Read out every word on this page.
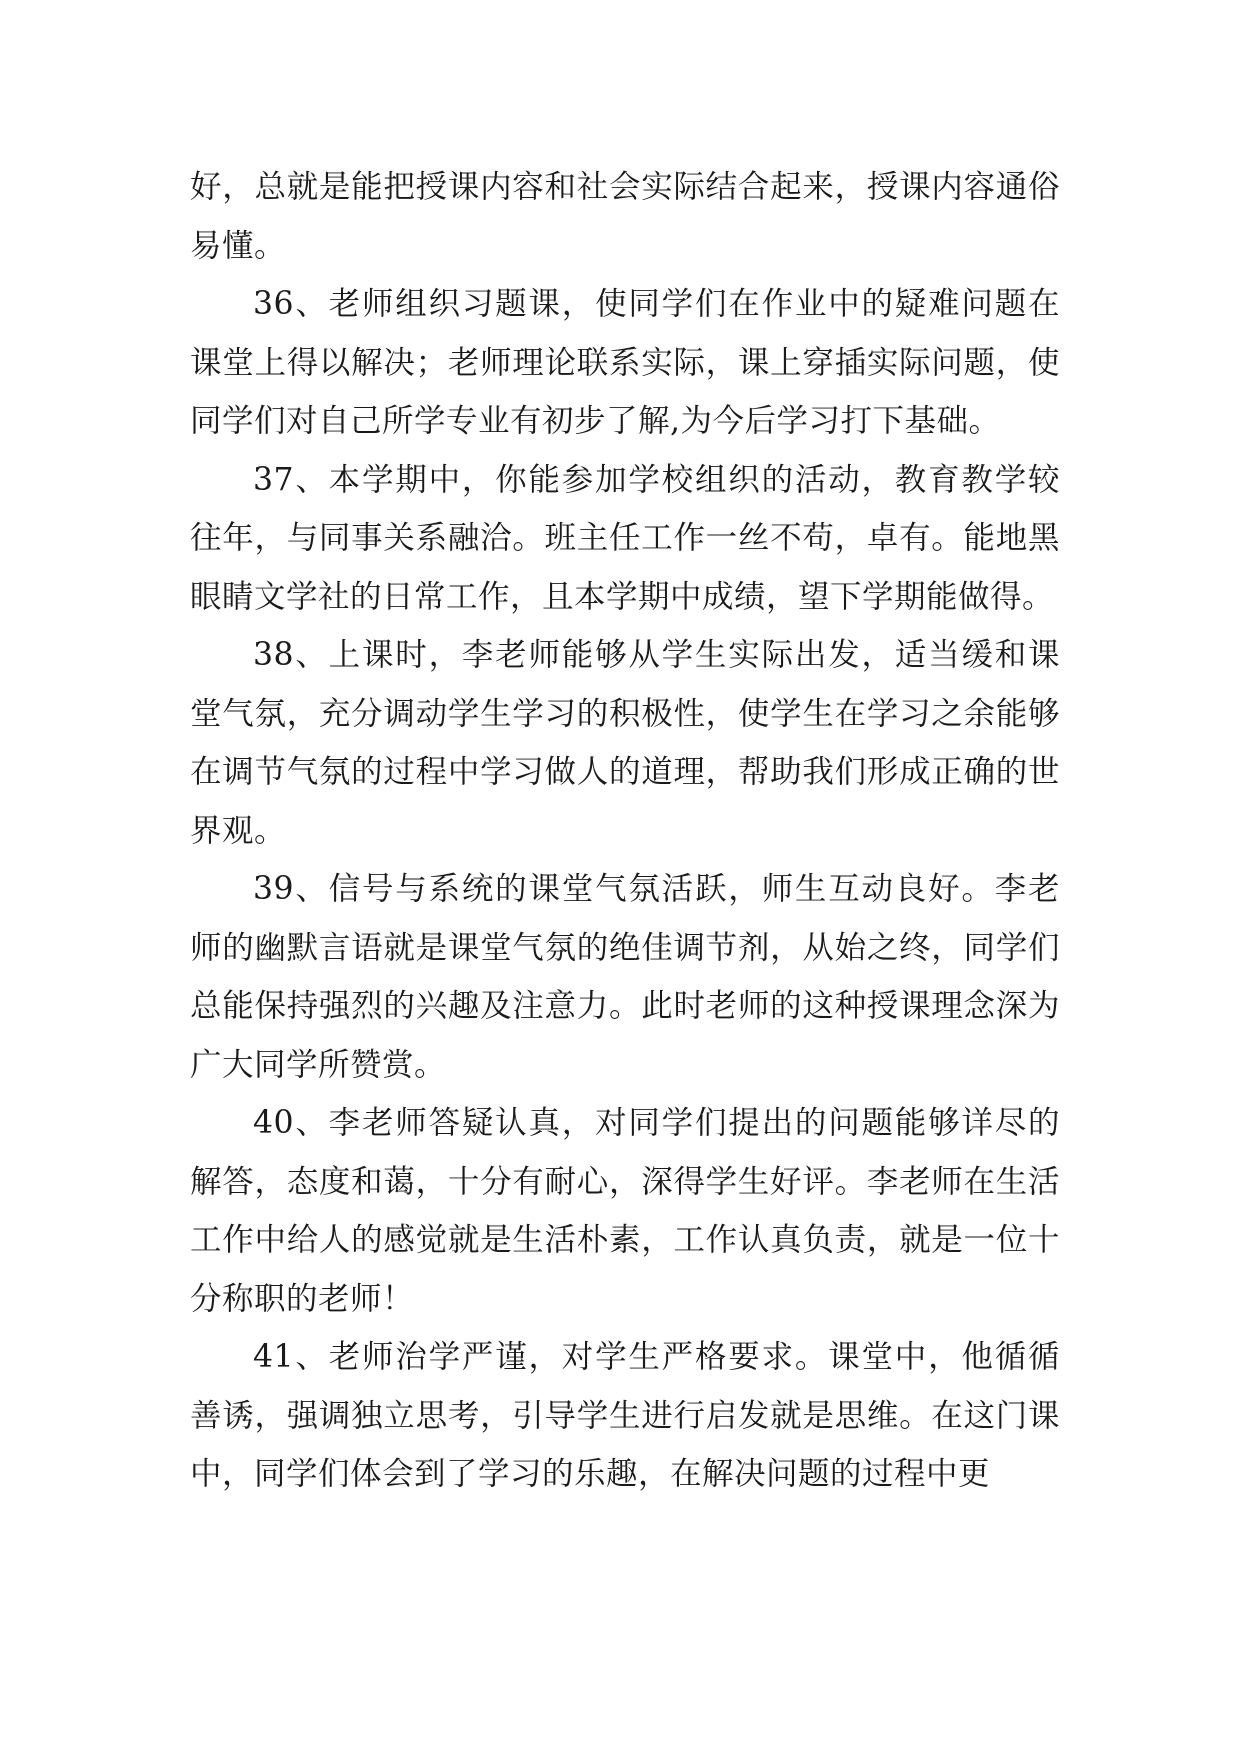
好，总就是能把授课内容和社会实际结合起来，授课内容通俗易懂。

36、老师组织习题课，使同学们在作业中的疑难问题在课堂上得以解决；老师理论联系实际，课上穿插实际问题，使同学们对自己所学专业有初步了解,为今后学习打下基础。

37、本学期中，你能参加学校组织的活动，教育教学较往年，与同事关系融洽。班主任工作一丝不苟，卓有。能地黑眼睛文学社的日常工作，且本学期中成绩，望下学期能做得。

38、上课时，李老师能够从学生实际出发，适当缓和课堂气氛，充分调动学生学习的积极性，使学生在学习之余能够在调节气氛的过程中学习做人的道理，帮助我们形成正确的世界观。

39、信号与系统的课堂气氛活跃，师生互动良好。李老师的幽默言语就是课堂气氛的绝佳调节剂，从始之终，同学们总能保持强烈的兴趣及注意力。此时老师的这种授课理念深为广大同学所赞赏。

40、李老师答疑认真，对同学们提出的问题能够详尽的解答，态度和蔼，十分有耐心，深得学生好评。李老师在生活工作中给人的感觉就是生活朴素，工作认真负责，就是一位十分称职的老师！

41、老师治学严谨，对学生严格要求。课堂中，他循循善诱，强调独立思考，引导学生进行启发就是思维。在这门课中，同学们体会到了学习的乐趣，在解决问题的过程中更
